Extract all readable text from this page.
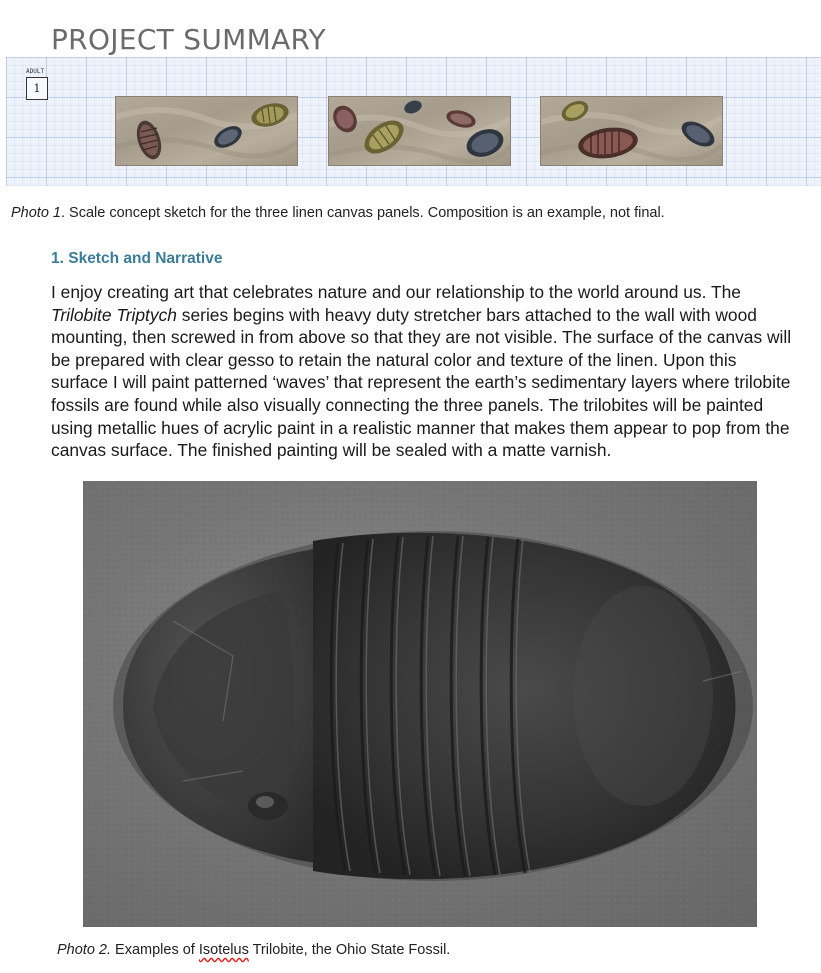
PROJECT SUMMARY
ADULT
1

Photo 1. Scale concept sketch for the three linen canvas panels. Composition is an example, not final.

1. Sketch and Narrative

I enjoy creating art that celebrates nature and our relationship to the world around us. The Trilobite Triptych series begins with heavy duty stretcher bars attached to the wall with wood mounting, then screwed in from above so that they are not visible. The surface of the canvas will be prepared with clear gesso to retain the natural color and texture of the linen. Upon this surface I will paint patterned ‘waves’ that represent the earth’s sedimentary layers where trilobite fossils are found while also visually connecting the three panels. The trilobites will be painted using metallic hues of acrylic paint in a realistic manner that makes them appear to pop from the canvas surface. The finished painting will be sealed with a matte varnish.

Photo 2. Examples of Isotelus Trilobite, the Ohio State Fossil.
